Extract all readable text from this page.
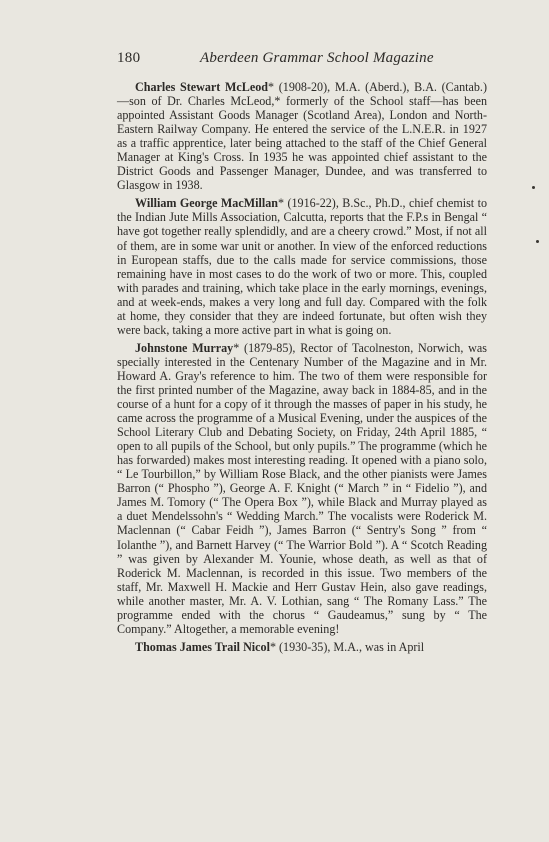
180	Aberdeen Grammar School Magazine

Charles Stewart McLeod* (1908-20), M.A. (Aberd.), B.A. (Cantab.)—son of Dr. Charles McLeod,* formerly of the School staff—has been appointed Assistant Goods Manager (Scotland Area), London and North-Eastern Railway Company. He entered the service of the L.N.E.R. in 1927 as a traffic apprentice, later being attached to the staff of the Chief General Manager at King's Cross. In 1935 he was appointed chief assistant to the District Goods and Passenger Manager, Dundee, and was transferred to Glasgow in 1938.

William George MacMillan* (1916-22), B.Sc., Ph.D., chief chemist to the Indian Jute Mills Association, Calcutta, reports that the F.P.s in Bengal “ have got together really splendidly, and are a cheery crowd.” Most, if not all of them, are in some war unit or another. In view of the enforced reductions in European staffs, due to the calls made for service commissions, those remaining have in most cases to do the work of two or more. This, coupled with parades and training, which take place in the early mornings, evenings, and at week-ends, makes a very long and full day. Compared with the folk at home, they consider that they are indeed fortunate, but often wish they were back, taking a more active part in what is going on.

Johnstone Murray* (1879-85), Rector of Tacolneston, Norwich, was specially interested in the Centenary Number of the Magazine and in Mr. Howard A. Gray's reference to him. The two of them were responsible for the first printed number of the Magazine, away back in 1884-85, and in the course of a hunt for a copy of it through the masses of paper in his study, he came across the programme of a Musical Evening, under the auspices of the School Literary Club and Debating Society, on Friday, 24th April 1885, “ open to all pupils of the School, but only pupils.” The programme (which he has forwarded) makes most interesting reading. It opened with a piano solo, “ Le Tourbillon,” by William Rose Black, and the other pianists were James Barron (“ Phospho ”), George A. F. Knight (“ March ” in “ Fidelio ”), and James M. Tomory (“ The Opera Box ”), while Black and Murray played as a duet Mendelssohn's “ Wedding March.” The vocalists were Roderick M. Maclennan (“ Cabar Feidh ”), James Barron (“ Sentry's Song ” from “ Iolanthe ”), and Barnett Harvey (“ The Warrior Bold ”). A “ Scotch Reading ” was given by Alexander M. Younie, whose death, as well as that of Roderick M. Maclennan, is recorded in this issue. Two members of the staff, Mr. Maxwell H. Mackie and Herr Gustav Hein, also gave readings, while another master, Mr. A. V. Lothian, sang “ The Romany Lass.” The programme ended with the chorus “ Gaudeamus,” sung by “ The Company.” Altogether, a memorable evening!

Thomas James Trail Nicol* (1930-35), M.A., was in April
